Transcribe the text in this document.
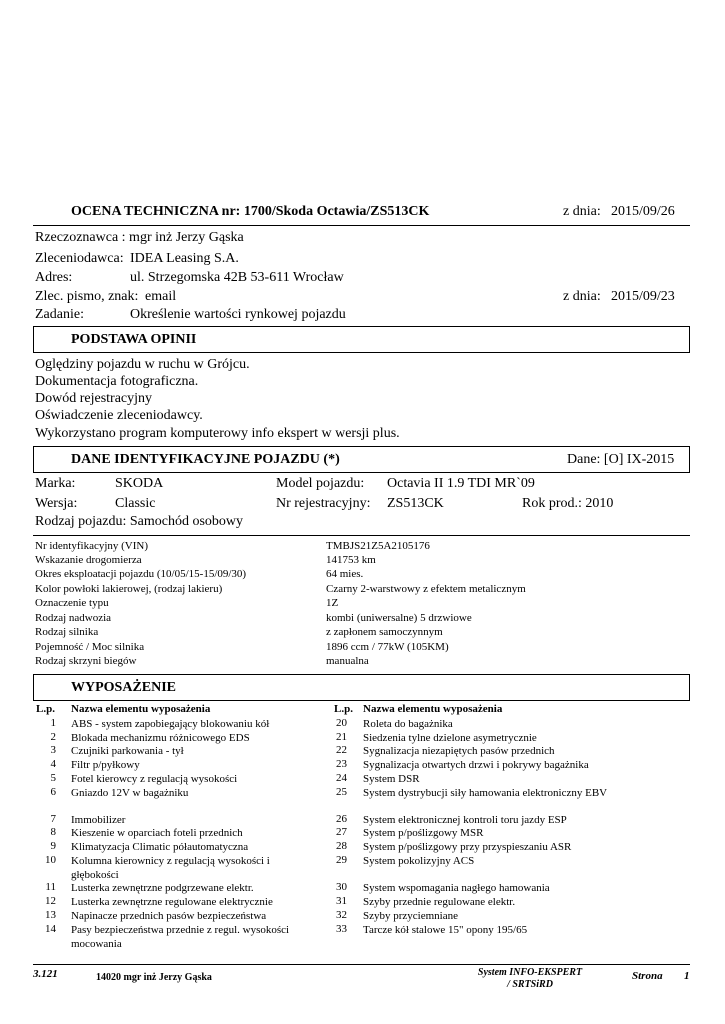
OCENA TECHNICZNA nr: 1700/Skoda Octawia/ZS513CK	z dnia: 2015/09/26
Rzeczoznawca : mgr inż Jerzy Gąska
Zleceniodawca: IDEA Leasing S.A.
Adres:	ul. Strzegomska 42B 53-611 Wrocław
Zlec. pismo, znak: email	z dnia: 2015/09/23
Zadanie:	Określenie wartości rynkowej pojazdu
PODSTAWA OPINII
Oględziny pojazdu w ruchu w Grójcu.
Dokumentacja fotograficzna.
Dowód rejestracyjny
Oświadczenie zleceniodawcy.
Wykorzystano program komputerowy info ekspert w wersji plus.
DANE IDENTYFIKACYJNE POJAZDU (*)	Dane: [O] IX-2015
Marka:	SKODA	Model pojazdu: Octavia II 1.9 TDI MR`09
Wersja:	Classic	Nr rejestracyjny: ZS513CK	Rok prod.: 2010
Rodzaj pojazdu: Samochód osobowy
Nr identyfikacyjny (VIN)	TMBJS21Z5A2105176
Wskazanie drogomierza	141753 km
Okres eksploatacji pojazdu (10/05/15-15/09/30)	64 mies.
Kolor powłoki lakierowej, (rodzaj lakieru)	Czarny 2-warstwowy z efektem metalicznym
Oznaczenie typu	1Z
Rodzaj nadwozia	kombi (uniwersalne) 5 drzwiowe
Rodzaj silnika	z zapłonem samoczynnym
Pojemność / Moc silnika	1896 ccm / 77kW (105KM)
Rodzaj skrzyni biegów	manualna
WYPOSAŻENIE
L.p. Nazwa elementu wyposażenia	L.p. Nazwa elementu wyposażenia
1 ABS - system zapobiegający blokowaniu kół
2 Blokada mechanizmu różnicowego EDS
3 Czujniki parkowania - tył
4 Filtr p/pyłkowy
5 Fotel kierowcy z regulacją wysokości
6 Gniazdo 12V w bagażniku
7 Immobilizer
8 Kieszenie w oparciach foteli przednich
9 Klimatyzacja Climatic półautomatyczna
10 Kolumna kierownicy z regulacją wysokości i głębokości
11 Lusterka zewnętrzne podgrzewane elektr.
12 Lusterka zewnętrzne regulowane elektrycznie
13 Napinacze przednich pasów bezpieczeństwa
14 Pasy bezpieczeństwa przednie z regul. wysokości mocowania
20 Roleta do bagażnika
21 Siedzenia tylne dzielone asymetrycznie
22 Sygnalizacja niezapiętych pasów przednich
23 Sygnalizacja otwartych drzwi i pokrywy bagażnika
24 System DSR
25 System dystrybucji siły hamowania elektroniczny EBV
26 System elektronicznej kontroli toru jazdy ESP
27 System p/poślizgowy MSR
28 System p/poślizgowy przy przyspieszaniu ASR
29 System pokolizyjny ACS
30 System wspomagania nagłego hamowania
31 Szyby przednie regulowane elektr.
32 Szyby przyciemniane
33 Tarcze kół stalowe 15" opony 195/65
3.121	14020 mgr inż Jerzy Gąska	System INFO-EKSPERT
/ SRTSiRD
Strona 1
